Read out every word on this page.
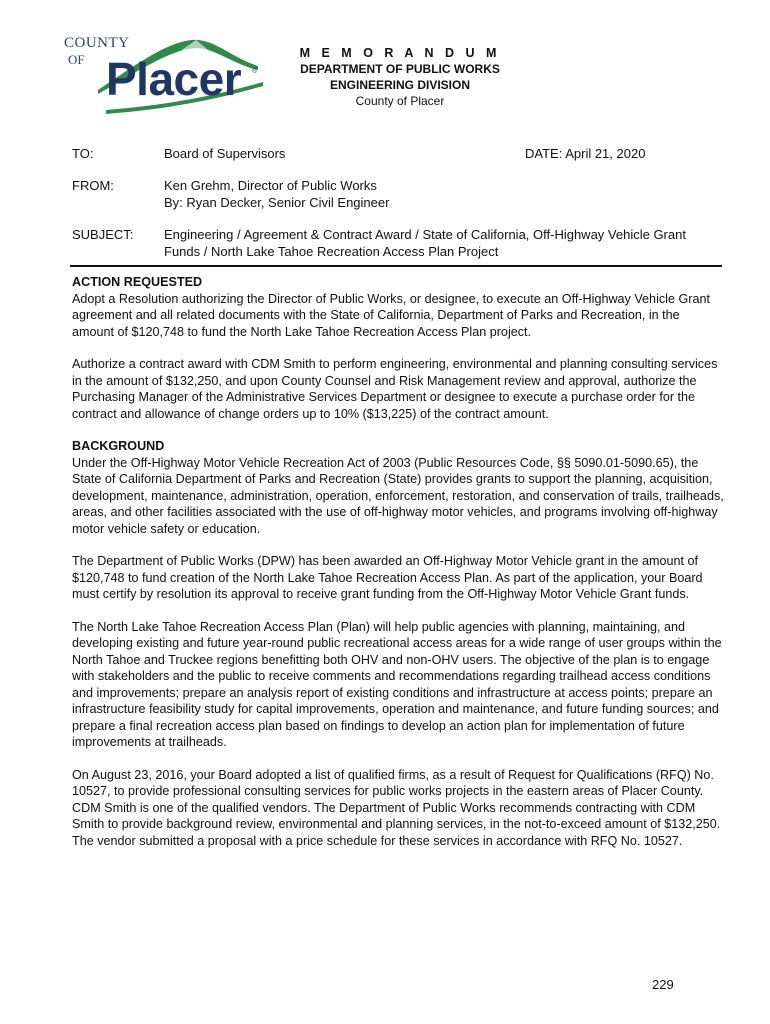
COUNTY
OF Placer ®
M E M O R A N D U M
DEPARTMENT OF PUBLIC WORKS
ENGINEERING DIVISION
County of Placer
TO:	Board of Supervisors	DATE: April 21, 2020
FROM:	Ken Grehm, Director of Public Works
By: Ryan Decker, Senior Civil Engineer
SUBJECT: Engineering / Agreement & Contract Award / State of California, Off-Highway Vehicle Grant
Funds / North Lake Tahoe Recreation Access Plan Project
ACTION REQUESTED

Adopt a Resolution authorizing the Director of Public Works, or designee, to execute an Off-Highway Vehicle Grant agreement and all related documents with the State of California, Department of Parks and Recreation, in the amount of $120,748 to fund the North Lake Tahoe Recreation Access Plan project.

Authorize a contract award with CDM Smith to perform engineering, environmental and planning consulting services in the amount of $132,250, and upon County Counsel and Risk Management review and approval, authorize the Purchasing Manager of the Administrative Services Department or designee to execute a purchase order for the contract and allowance of change orders up to 10% ($13,225) of the contract amount.

BACKGROUND

Under the Off-Highway Motor Vehicle Recreation Act of 2003 (Public Resources Code, §§ 5090.01-5090.65), the State of California Department of Parks and Recreation (State) provides grants to support the planning, acquisition, development, maintenance, administration, operation, enforcement, restoration, and conservation of trails, trailheads, areas, and other facilities associated with the use of off-highway motor vehicles, and programs involving off-highway motor vehicle safety or education.

The Department of Public Works (DPW) has been awarded an Off-Highway Motor Vehicle grant in the amount of $120,748 to fund creation of the North Lake Tahoe Recreation Access Plan. As part of the application, your Board must certify by resolution its approval to receive grant funding from the Off-Highway Motor Vehicle Grant funds.

The North Lake Tahoe Recreation Access Plan (Plan) will help public agencies with planning, maintaining, and developing existing and future year-round public recreational access areas for a wide range of user groups within the North Tahoe and Truckee regions benefitting both OHV and non-OHV users. The objective of the plan is to engage with stakeholders and the public to receive comments and recommendations regarding trailhead access conditions and improvements; prepare an analysis report of existing conditions and infrastructure at access points; prepare an infrastructure feasibility study for capital improvements, operation and maintenance, and future funding sources; and prepare a final recreation access plan based on findings to develop an action plan for implementation of future improvements at trailheads.

On August 23, 2016, your Board adopted a list of qualified firms, as a result of Request for Qualifications (RFQ) No. 10527, to provide professional consulting services for public works projects in the eastern areas of Placer County. CDM Smith is one of the qualified vendors. The Department of Public Works recommends contracting with CDM Smith to provide background review, environmental and planning services, in the not-to-exceed amount of $132,250. The vendor submitted a proposal with a price schedule for these services in accordance with RFQ No. 10527.

229
